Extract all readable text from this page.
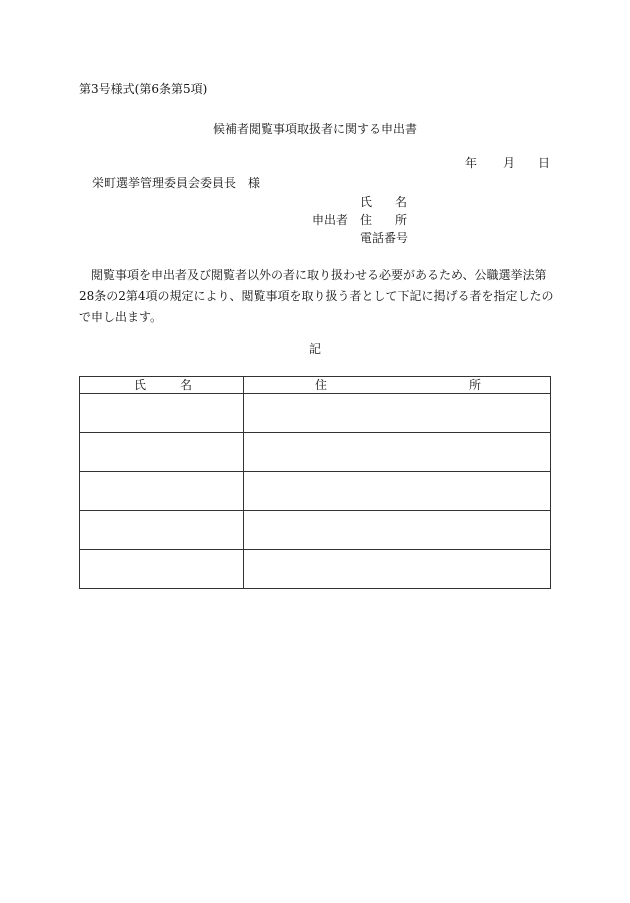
第3号様式(第6条第5項)
候補者閲覧事項取扱者に関する申出書
年 月 日
栄町選挙管理委員会委員長　様
氏 名
申出者 住 所
電話番号
閲覧事項を申出者及び閲覧者以外の者に取り扱わせる必要があるため、公職選挙法第28条の2第4項の規定により、閲覧事項を取り扱う者として下記に掲げる者を指定したので申し出ます。
記
氏 名	住 所
